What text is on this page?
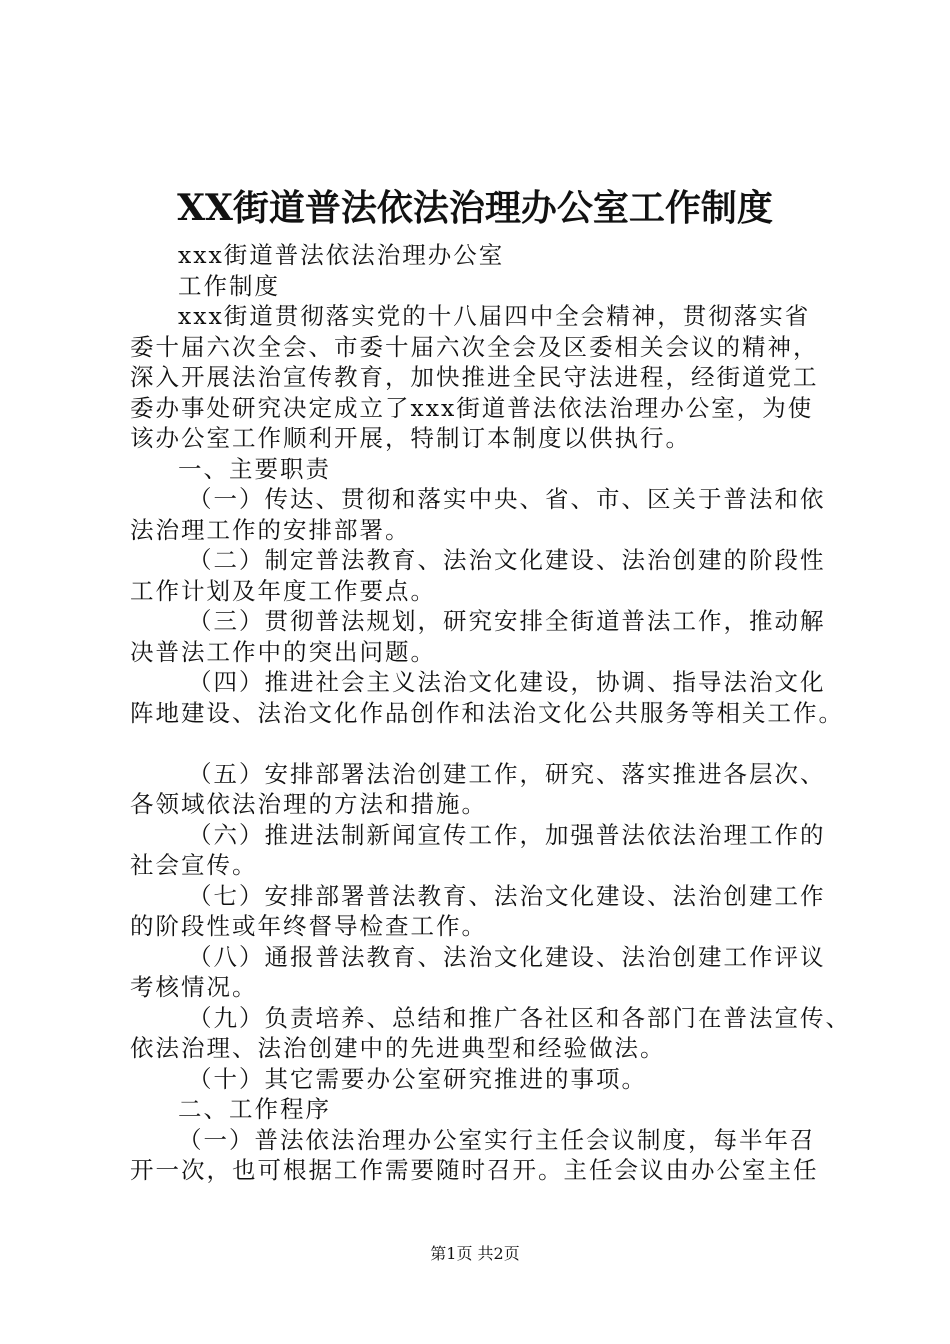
XX街道普法依法治理办公室工作制度

xxx街道普法依法治理办公室

工作制度

xxx街道贯彻落实党的十八届四中全会精神，贯彻落实省

委十届六次全会、市委十届六次全会及区委相关会议的精神，

深入开展法治宣传教育，加快推进全民守法进程，经街道党工

委办事处研究决定成立了xxx街道普法依法治理办公室，为使

该办公室工作顺利开展，特制订本制度以供执行。

一、主要职责

（一）传达、贯彻和落实中央、省、市、区关于普法和依

法治理工作的安排部署。

（二）制定普法教育、法治文化建设、法治创建的阶段性

工作计划及年度工作要点。

（三）贯彻普法规划，研究安排全街道普法工作，推动解

决普法工作中的突出问题。

（四）推进社会主义法治文化建设，协调、指导法治文化

阵地建设、法治文化作品创作和法治文化公共服务等相关工作。

（五）安排部署法治创建工作，研究、落实推进各层次、

各领域依法治理的方法和措施。

（六）推进法制新闻宣传工作，加强普法依法治理工作的

社会宣传。

（七）安排部署普法教育、法治文化建设、法治创建工作

的阶段性或年终督导检查工作。

（八）通报普法教育、法治文化建设、法治创建工作评议

考核情况。

（九）负责培养、总结和推广各社区和各部门在普法宣传、

依法治理、法治创建中的先进典型和经验做法。

（十）其它需要办公室研究推进的事项。

二、工作程序

（一）普法依法治理办公室实行主任会议制度，每半年召

开一次，也可根据工作需要随时召开。主任会议由办公室主任

第1页 共2页
